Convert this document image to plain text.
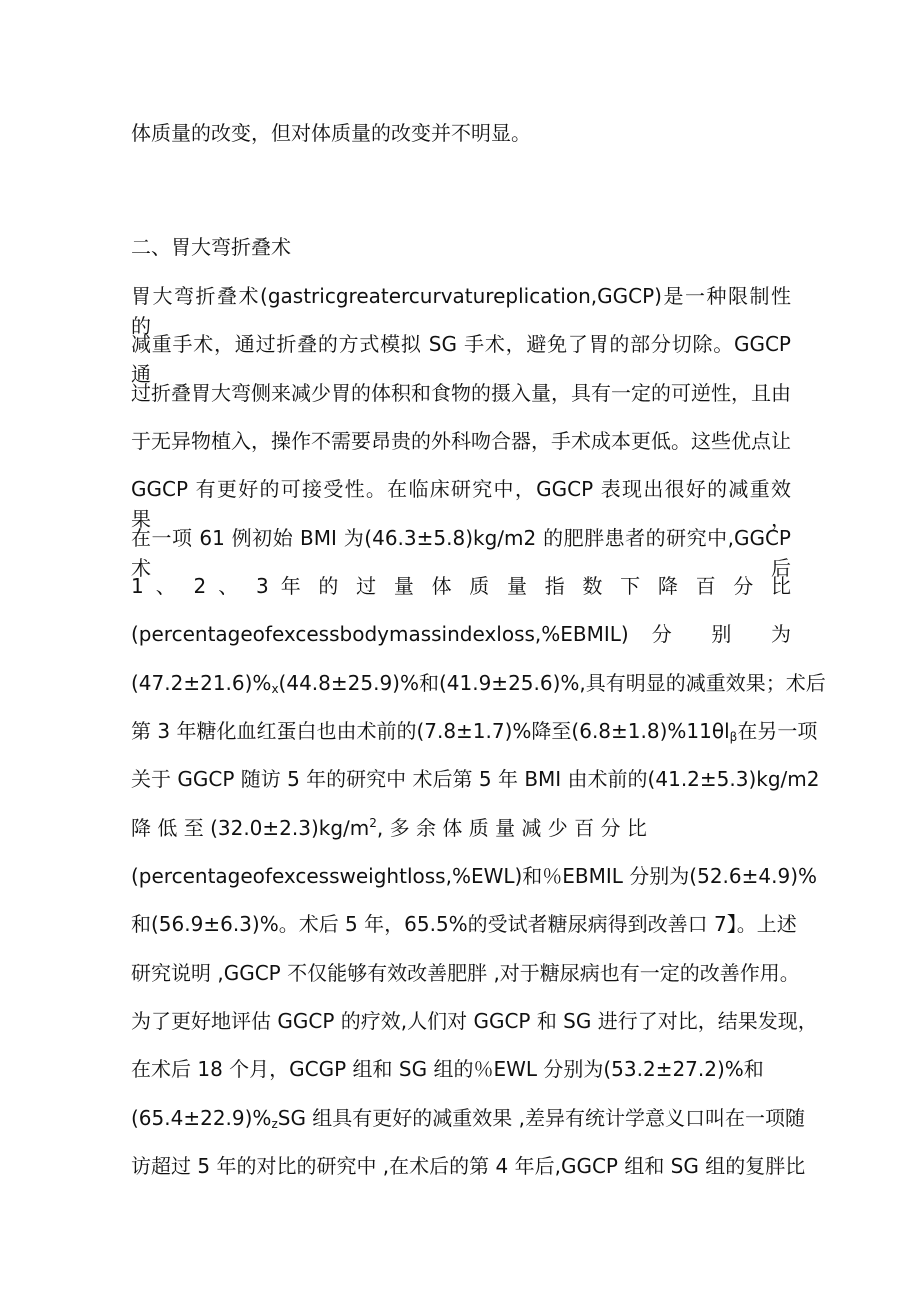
体质量的改变，但对体质量的改变并不明显。
二、胃大弯折叠术
胃大弯折叠术(gastricgreatercurvatureplication,GGCP)是一种限制性的
减重手术，通过折叠的方式模拟 SG 手术，避免了胃的部分切除。GGCP 通
过折叠胃大弯侧来减少胃的体积和食物的摄入量，具有一定的可逆性，且由
于无异物植入，操作不需要昂贵的外科吻合器，手术成本更低。这些优点让
GGCP 有更好的可接受性。在临床研究中，GGCP 表现出很好的减重效果，
在一项 61 例初始 BMI 为(46.3±5.8)kg∕m2 的肥胖患者的研究中,GGCP 术后
1 、 2 、 3 年 的 过 量 体 质 量 指 数 下 降 百 分 比
(percentageofexcessbodymassindexloss,%EBMIL) 分 别 为
$(47.2\pm 21.6)\%_x(44.8\pm 25.9)\%$和(41.9±25.6)%,具有明显的减重效果；术后
第 3 年糖化血红蛋白也由术前的(7.8±1.7)%降至$(6.8\pm 1.8)\%11\theta l_\beta$在另一项
关于 GGCP 随访 5 年的研究中 术后第 5 年 BMI 由术前的(41.2±5.3)kg/m2
降 低 至 $(32.0\pm 2.3)kg∕m^2$, 多 余 体 质 量 减 少 百 分 比
(percentageofexcessweightloss,%EWL)和％EBMIL 分别为(52.6±4.9)%
和(56.9±6.3)%。术后 5 年，65.5%的受试者糖尿病得到改善口 7】。上述
研究说明 ,GGCP 不仅能够有效改善肥胖 ,对于糖尿病也有一定的改善作用。
为了更好地评估 GGCP 的疗效,人们对 GGCP 和 SG 进行了对比，结果发现，
在术后 18 个月，GCGP 组和 SG 组的％EWL 分别为(53.2±27.2)%和
$(65.4\pm 22.9)\%_zSG$ 组具有更好的减重效果 ,差异有统计学意义口叫在一项随
访超过 5 年的对比的研究中 ,在术后的第 4 年后,GGCP 组和 SG 组的复胖比
